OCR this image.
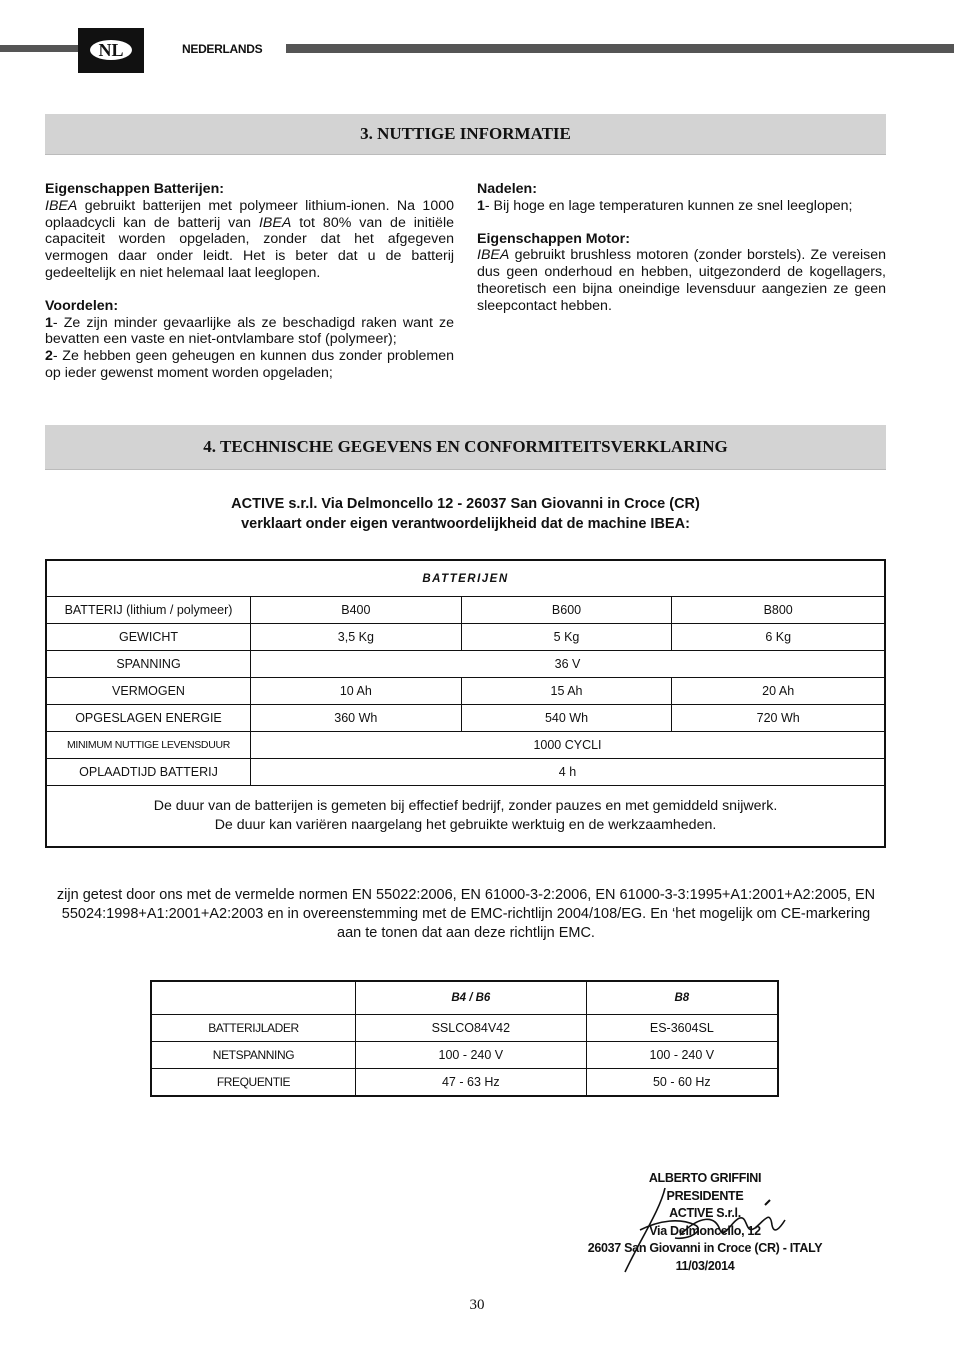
NL	NEDERLANDS
3. NUTTIGE INFORMATIE

Eigenschappen Batterijen:

IBEA gebruikt batterijen met polymeer lithium-ionen. Na 1000 oplaadcycli kan de batterij van IBEA tot 80% van de initiële capaciteit worden opgeladen, zonder dat het afgegeven vermogen daar onder leidt. Het is beter dat u de batterij gedeeltelijk en niet helemaal laat leeglopen.

Voordelen:

1- Ze zijn minder gevaarlijke als ze beschadigd raken want ze bevatten een vaste en niet-ontvlambare stof (polymeer);

2- Ze hebben geen geheugen en kunnen dus zonder problemen op ieder gewenst moment worden opgeladen;

Nadelen:

1- Bij hoge en lage temperaturen kunnen ze snel leeglopen;

Eigenschappen Motor:

IBEA gebruikt brushless motoren (zonder borstels). Ze vereisen dus geen onderhoud en hebben, uitgezonderd de kogellagers, theoretisch een bijna oneindige levensduur aangezien ze geen sleepcontact hebben.

4. TECHNISCHE GEGEVENS EN CONFORMITEITSVERKLARING
ACTIVE s.r.l. Via Delmoncello 12 - 26037 San Giovanni in Croce (CR)
verklaart onder eigen verantwoordelijkheid dat de machine IBEA:
BATTERIJEN			
BATTERIJ (lithium / polymeer)	B400	B600	B800
GEWICHT	3,5 Kg	5 Kg	6 Kg
SPANNING	36 V		
VERMOGEN	10 Ah	15 Ah	20 Ah
OPGESLAGEN ENERGIE	360 Wh	540 Wh	720 Wh
MINIMUM NUTTIGE LEVENSDUUR	1000 CYCLI		
OPLAADTIJD BATTERIJ	4 h		

De duur van de batterijen is gemeten bij effectief bedrijf, zonder pauzes en met gemiddeld snijwerk.
De duur kan variëren naargelang het gebruikte werktuig en de werkzaamheden.			
zijn getest door ons met de vermelde normen EN 55022:2006, EN 61000-3-2:2006, EN 61000-3-3:1995+A1:2001+A2:2005, EN 55024:1998+A1:2001+A2:2003 en in overeenstemming met de EMC-richtlijn 2004/108/EG. En ‘het mogelijk om CE-markering aan te tonen dat aan deze richtlijn EMC.
	B4 / B6	B8
BATTERIJLADER	SSLCO84V42	ES-3604SL
NETSPANNING	100 - 240 V	100 - 240 V
FREQUENTIE	47 - 63 Hz	50 - 60 Hz
ALBERTO GRIFFINI
PRESIDENTE
ACTIVE S.r.l.
Via Delmoncello, 12
26037 San Giovanni in Croce (CR) - ITALY
11/03/2014
30
